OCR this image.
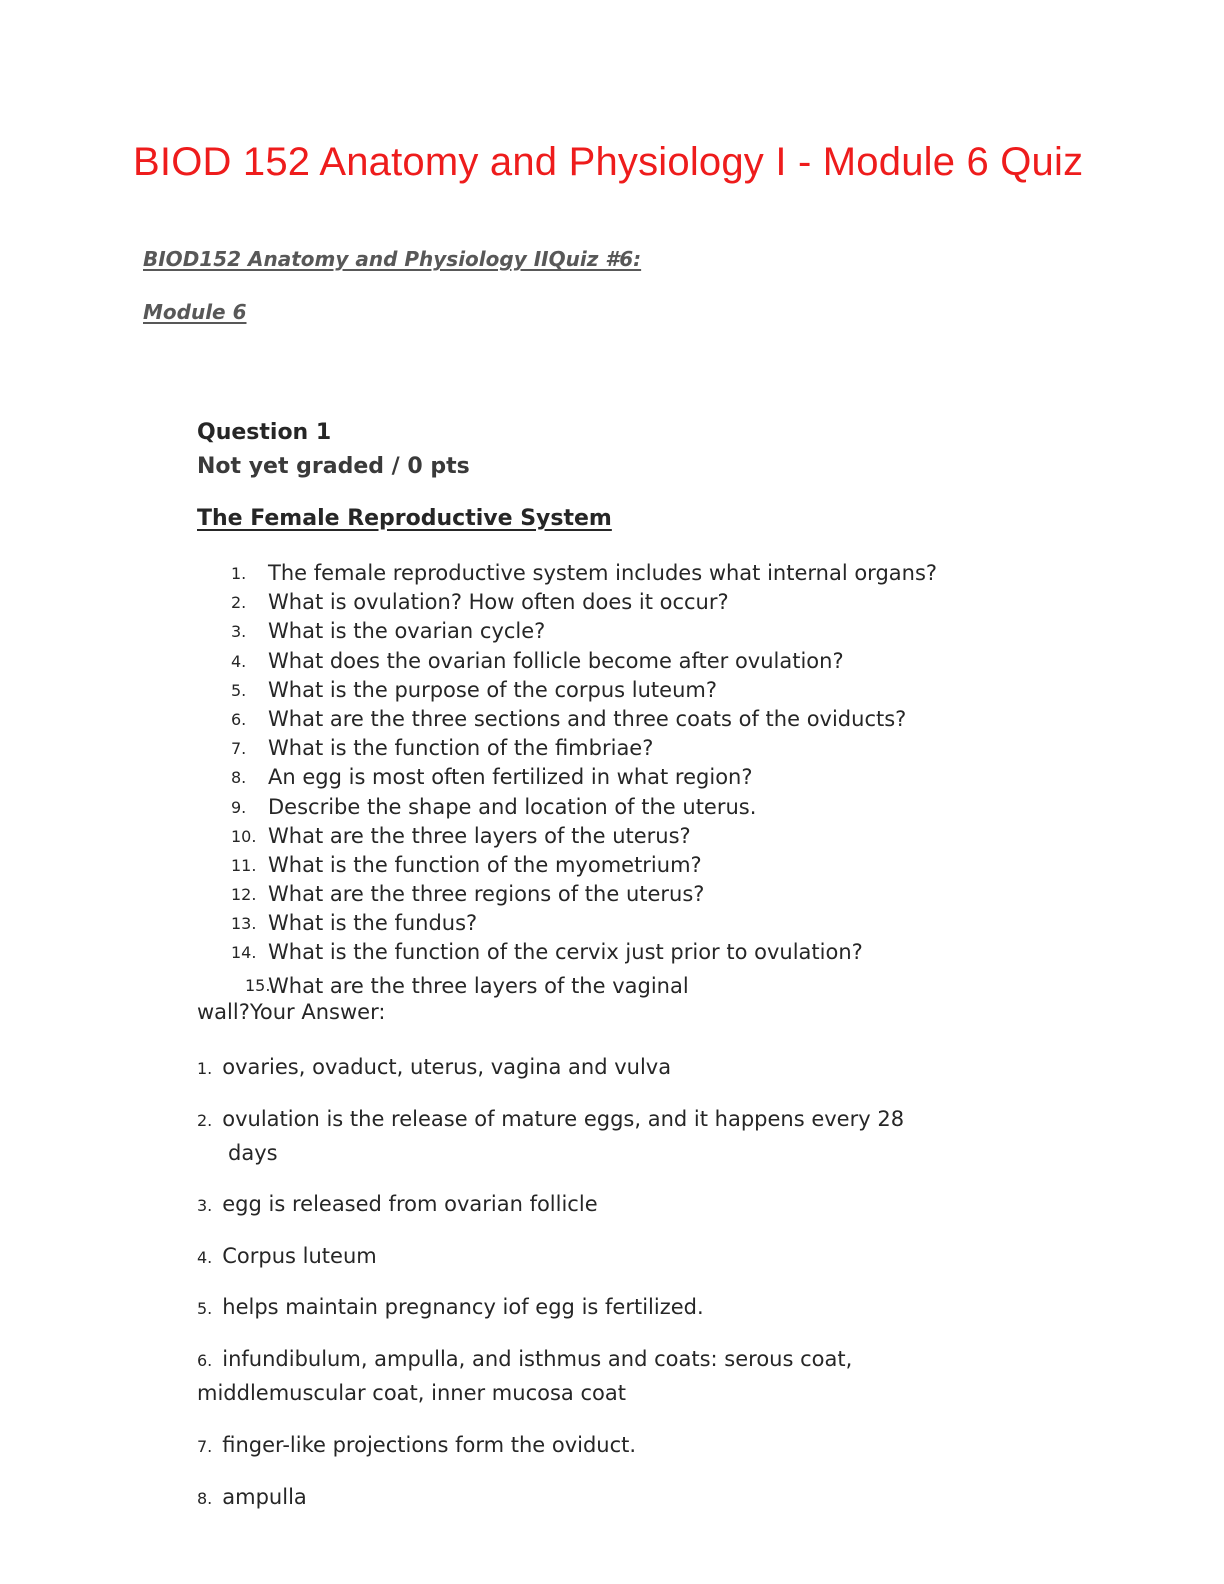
BIOD 152 Anatomy and Physiology I - Module 6 Quiz
BIOD152 Anatomy and Physiology IIQuiz #6:
Module 6
Question 1
Not yet graded / 0 pts
The Female Reproductive System
1. The female reproductive system includes what internal organs?
2. What is ovulation? How often does it occur?
3. What is the ovarian cycle?
4. What does the ovarian follicle become after ovulation?
5. What is the purpose of the corpus luteum?
6. What are the three sections and three coats of the oviducts?
7. What is the function of the fimbriae?
8. An egg is most often fertilized in what region?
9. Describe the shape and location of the uterus.
10. What are the three layers of the uterus?
11. What is the function of the myometrium?
12. What are the three regions of the uterus?
13. What is the fundus?
14. What is the function of the cervix just prior to ovulation?
15.
What are the three layers of the vaginal
wall?Your Answer:
1. ovaries, ovaduct, uterus, vagina and vulva
2. ovulation is the release of mature eggs, and it happens every 28
days
3. egg is released from ovarian follicle
4. Corpus luteum
5. helps maintain pregnancy iof egg is fertilized.
6. infundibulum, ampulla, and isthmus and coats: serous coat,
middlemuscular coat, inner mucosa coat
7. finger-like projections form the oviduct.
8. ampulla
